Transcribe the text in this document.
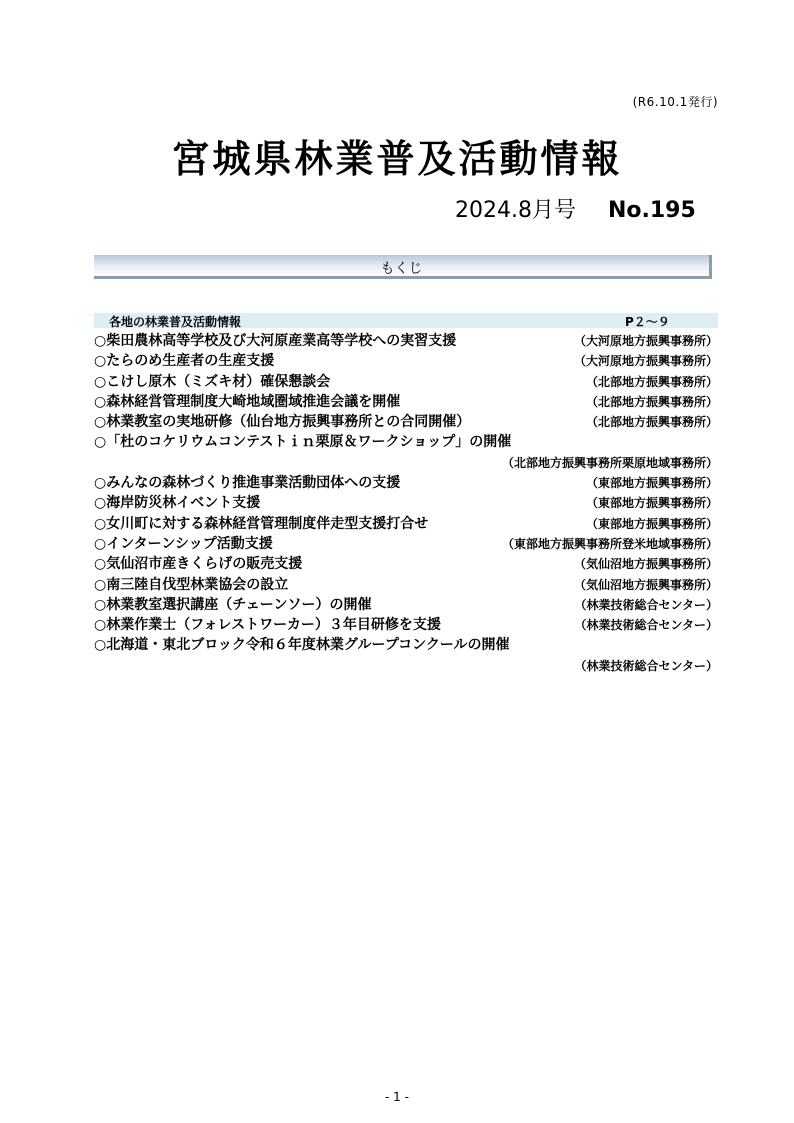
(R6.10.1発行)
宮城県林業普及活動情報
2024.8月号 No.195
もくじ
各地の林業普及活動情報	P２～９
○柴田農林高等学校及び大河原産業高等学校への実習支援	（大河原地方振興事務所）
○たらのめ生産者の生産支援	（大河原地方振興事務所）
○こけし原木（ミズキ材）確保懇談会	（北部地方振興事務所）
○森林経営管理制度大崎地域圏域推進会議を開催	（北部地方振興事務所）
○林業教室の実地研修（仙台地方振興事務所との合同開催）	（北部地方振興事務所）
○「杜のコケリウムコンテストｉｎ栗原＆ワークショップ」の開催
（北部地方振興事務所栗原地域事務所）
○みんなの森林づくり推進事業活動団体への支援	（東部地方振興事務所）
○海岸防災林イベント支援	（東部地方振興事務所）
○女川町に対する森林経営管理制度伴走型支援打合せ	（東部地方振興事務所）
○インターンシップ活動支援	（東部地方振興事務所登米地域事務所）
○気仙沼市産きくらげの販売支援	（気仙沼地方振興事務所）
○南三陸自伐型林業協会の設立	（気仙沼地方振興事務所）
○林業教室選択講座（チェーンソー）の開催	（林業技術総合センター）
○林業作業士（フォレストワーカー）３年目研修を支援	（林業技術総合センター）
○北海道・東北ブロック令和６年度林業グループコンクールの開催
（林業技術総合センター）
- 1 -
